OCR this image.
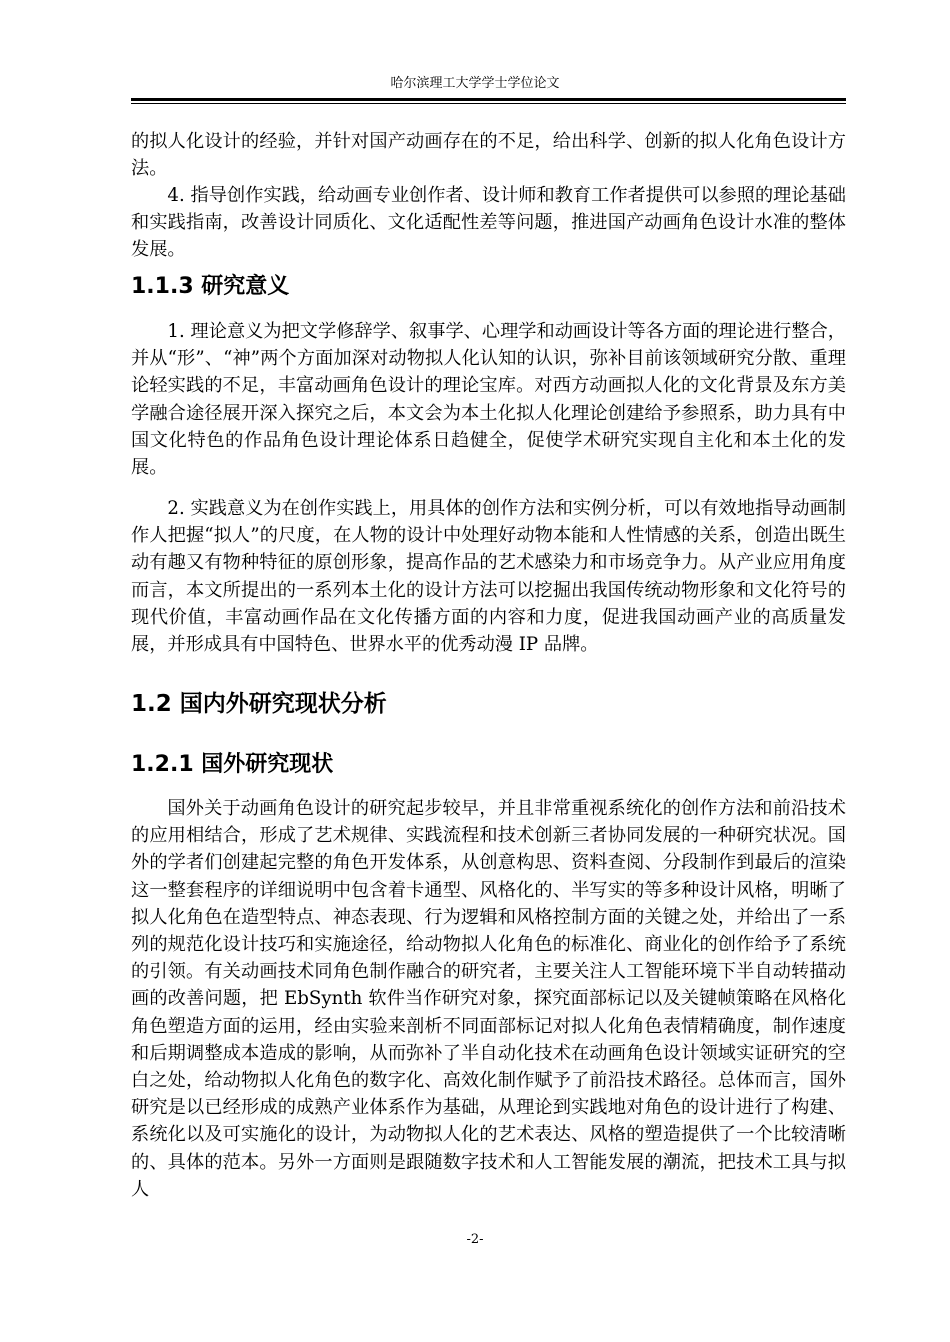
哈尔滨理工大学学士学位论文

的拟人化设计的经验，并针对国产动画存在的不足，给出科学、创新的拟人化角色设计方法。

4. 指导创作实践，给动画专业创作者、设计师和教育工作者提供可以参照的理论基础和实践指南，改善设计同质化、文化适配性差等问题，推进国产动画角色设计水准的整体发展。

1.1.3 研究意义

1. 理论意义为把文学修辞学、叙事学、心理学和动画设计等各方面的理论进行整合，并从“形”、“神”两个方面加深对动物拟人化认知的认识，弥补目前该领域研究分散、重理论轻实践的不足，丰富动画角色设计的理论宝库。对西方动画拟人化的文化背景及东方美学融合途径展开深入探究之后，本文会为本土化拟人化理论创建给予参照系，助力具有中国文化特色的作品角色设计理论体系日趋健全，促使学术研究实现自主化和本土化的发展。

2. 实践意义为在创作实践上，用具体的创作方法和实例分析，可以有效地指导动画制作人把握“拟人”的尺度，在人物的设计中处理好动物本能和人性情感的关系，创造出既生动有趣又有物种特征的原创形象，提高作品的艺术感染力和市场竞争力。从产业应用角度而言，本文所提出的一系列本土化的设计方法可以挖掘出我国传统动物形象和文化符号的现代价值，丰富动画作品在文化传播方面的内容和力度，促进我国动画产业的高质量发展，并形成具有中国特色、世界水平的优秀动漫 IP 品牌。

1.2 国内外研究现状分析
1.2.1 国外研究现状

国外关于动画角色设计的研究起步较早，并且非常重视系统化的创作方法和前沿技术的应用相结合，形成了艺术规律、实践流程和技术创新三者协同发展的一种研究状况。国外的学者们创建起完整的角色开发体系，从创意构思、资料查阅、分段制作到最后的渲染这一整套程序的详细说明中包含着卡通型、风格化的、半写实的等多种设计风格，明晰了拟人化角色在造型特点、神态表现、行为逻辑和风格控制方面的关键之处，并给出了一系列的规范化设计技巧和实施途径，给动物拟人化角色的标准化、商业化的创作给予了系统的引领。有关动画技术同角色制作融合的研究者，主要关注人工智能环境下半自动转描动画的改善问题，把 EbSynth 软件当作研究对象，探究面部标记以及关键帧策略在风格化角色塑造方面的运用，经由实验来剖析不同面部标记对拟人化角色表情精确度，制作速度和后期调整成本造成的影响，从而弥补了半自动化技术在动画角色设计领域实证研究的空白之处，给动物拟人化角色的数字化、高效化制作赋予了前沿技术路径。总体而言，国外研究是以已经形成的成熟产业体系作为基础，从理论到实践地对角色的设计进行了构建、系统化以及可实施化的设计，为动物拟人化的艺术表达、风格的塑造提供了一个比较清晰的、具体的范本。另外一方面则是跟随数字技术和人工智能发展的潮流，把技术工具与拟人

-2-
